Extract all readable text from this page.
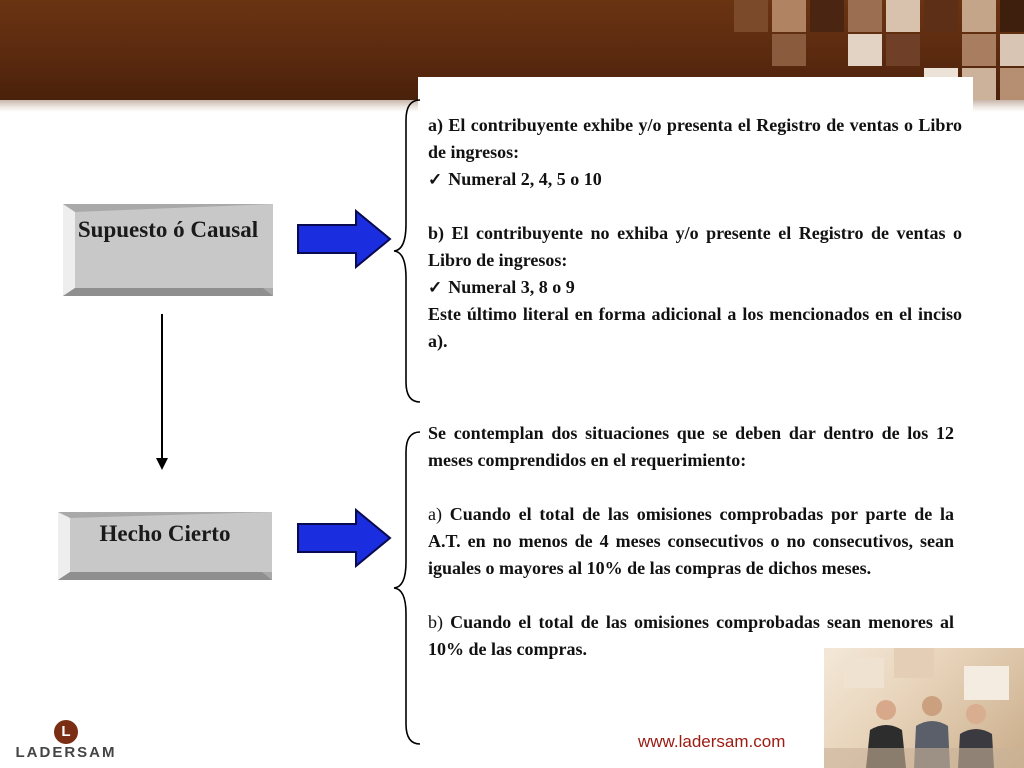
Supuesto ó Causal
Hecho Cierto

a) El contribuyente exhibe y/o presenta el Registro de ventas o Libro de ingresos:

✓ Numeral 2, 4, 5 o 10

b) El contribuyente no exhiba y/o presente el Registro de ventas o Libro de ingresos:

✓ Numeral 3, 8 o 9

Este último literal en forma adicional a los mencionados en el inciso a).

Se contemplan dos situaciones que se deben dar dentro de los 12 meses comprendidos en el requerimiento:

a) Cuando el total de las omisiones comprobadas por parte de la A.T. en no menos de 4 meses consecutivos o no consecutivos, sean iguales o mayores al 10% de las compras de dichos meses.

b) Cuando el total de las omisiones comprobadas sean menores al 10% de las compras.

L
LADERSAM
www.ladersam.com
